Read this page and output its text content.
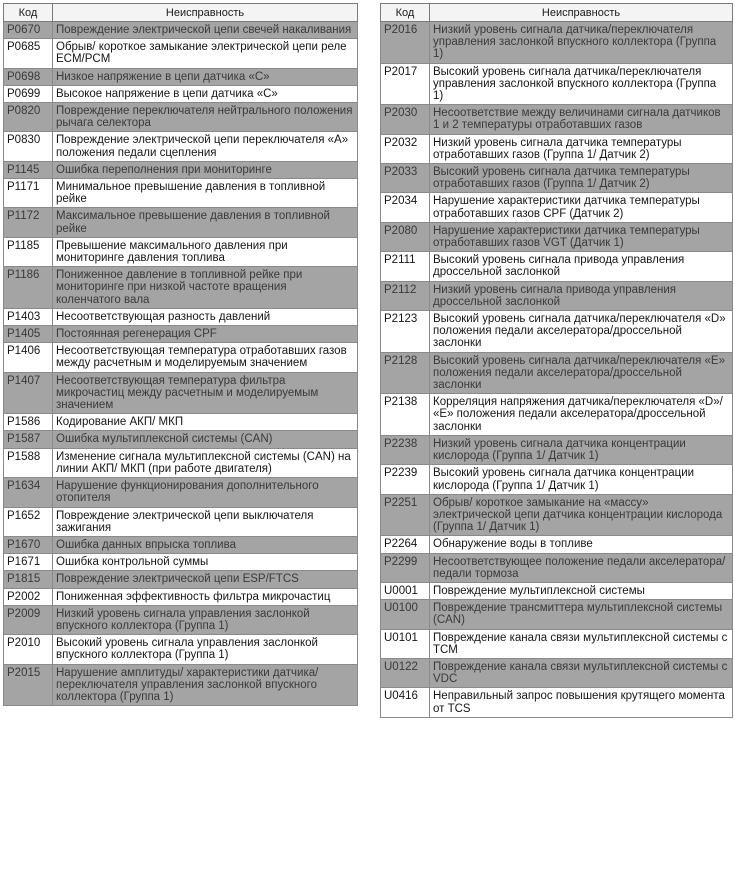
Код	Неисправность
P0670	Повреждение электрической цепи свечей накаливания
P0685	Обрыв/ короткое замыкание электрической цепи реле ECM/PCM
P0698	Низкое напряжение в цепи датчика «С»
P0699	Высокое напряжение в цепи датчика «С»
P0820	Повреждение переключателя нейтрального положения рычага селектора
P0830	Повреждение электрической цепи переключателя «А» положения педали сцепления
P1145	Ошибка переполнения при мониторинге
P1171	Минимальное превышение давления в топливной рейке
P1172	Максимальное превышение давления в топливной рейке
P1185	Превышение максимального давления при мониторинге давления топлива
P1186	Пониженное давление в топливной рейке при мониторинге при низкой частоте вращения коленчатого вала
P1403	Несоответствующая разность давлений
P1405	Постоянная регенерация CPF
P1406	Несоответствующая температура отработавших газов между расчетным и моделируемым значением
P1407	Несоответствующая температура фильтра микрочастиц между расчетным и моделируемым значением
P1586	Кодирование АКП/ МКП
P1587	Ошибка мультиплексной системы (CAN)
P1588	Изменение сигнала мультиплексной системы (CAN) на линии АКП/ МКП (при работе двигателя)
P1634	Нарушение функционирования дополнительного отопителя
P1652	Повреждение электрической цепи выключателя зажигания
P1670	Ошибка данных впрыска топлива
P1671	Ошибка контрольной суммы
P1815	Повреждение электрической цепи ESP/FTCS
P2002	Пониженная эффективность фильтра микрочастиц
P2009	Низкий уровень сигнала управления заслонкой впускного коллектора (Группа 1)
P2010	Высокий уровень сигнала управления заслонкой впускного коллектора (Группа 1)
P2015	Нарушение амплитуды/ характеристики датчика/ переключателя управления заслонкой впускного коллектора (Группа 1)
Код	Неисправность
P2016	Низкий уровень сигнала датчика/переключателя управления заслонкой впускного коллектора (Группа 1)
P2017	Высокий уровень сигнала датчика/переключателя управления заслонкой впускного коллектора (Группа 1)
P2030	Несоответствие между величинами сигнала датчиков 1 и 2 температуры отработавших газов
P2032	Низкий уровень сигнала датчика температуры отработавших газов (Группа 1/ Датчик 2)
P2033	Высокий уровень сигнала датчика температуры отработавших газов (Группа 1/ Датчик 2)
P2034	Нарушение характеристики датчика температуры отработавших газов CPF (Датчик 2)
P2080	Нарушение характеристики датчика температуры отработавших газов VGT (Датчик 1)
P2111	Высокий уровень сигнала привода управления дроссельной заслонкой
P2112	Низкий уровень сигнала привода управления дроссельной заслонкой
P2123	Высокий уровень сигнала датчика/переключателя «D» положения педали акселератора/дроссельной заслонки
P2128	Высокий уровень сигнала датчика/переключателя «Е» положения педали акселератора/дроссельной заслонки
P2138	Корреляция напряжения датчика/переключателя «D»/ «Е» положения педали акселератора/дроссельной заслонки
P2238	Низкий уровень сигнала датчика концентрации кислорода (Группа 1/ Датчик 1)
P2239	Высокий уровень сигнала датчика концентрации кислорода (Группа 1/ Датчик 1)
P2251	Обрыв/ короткое замыкание на «массу» электрической цепи датчика концентрации кислорода (Группа 1/ Датчик 1)
P2264	Обнаружение воды в топливе
P2299	Несоответствующее положение педали акселератора/ педали тормоза
U0001	Повреждение мультиплексной системы
U0100	Повреждение трансмиттера мультиплексной системы (CAN)
U0101	Повреждение канала связи мультиплексной системы с ТСМ
U0122	Повреждение канала связи мультиплексной системы с VDC
U0416	Неправильный запрос повышения крутящего момента от TCS
